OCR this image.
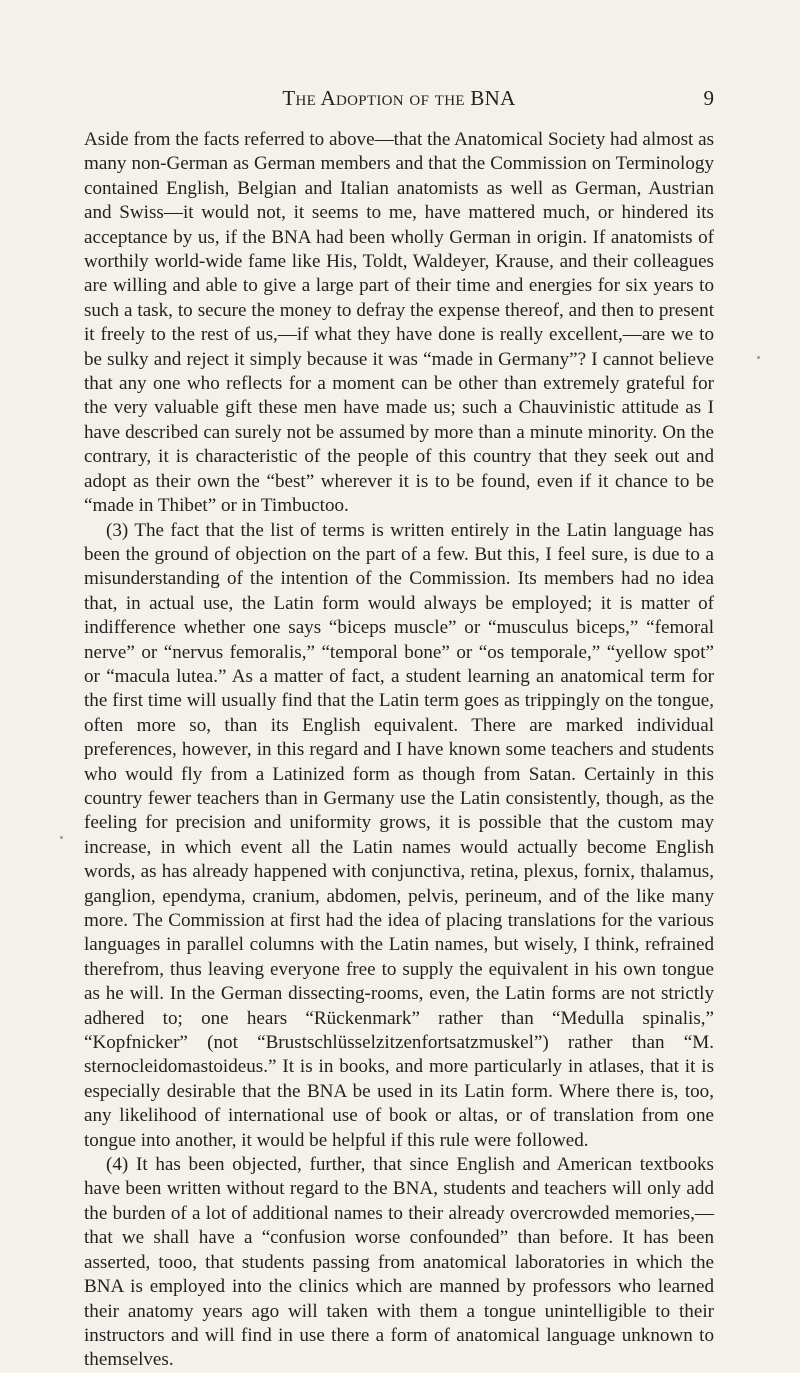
The Adoption of the BNA	9

Aside from the facts referred to above—that the Anatomical Society had almost as many non-German as German members and that the Commission on Terminology contained English, Belgian and Italian anatomists as well as German, Austrian and Swiss—it would not, it seems to me, have mattered much, or hindered its acceptance by us, if the BNA had been wholly German in origin. If anatomists of worthily world-wide fame like His, Toldt, Waldeyer, Krause, and their colleagues are willing and able to give a large part of their time and energies for six years to such a task, to secure the money to defray the expense thereof, and then to present it freely to the rest of us,—if what they have done is really excellent,—are we to be sulky and reject it simply because it was “made in Germany”? I cannot believe that any one who reflects for a moment can be other than extremely grateful for the very valuable gift these men have made us; such a Chauvinistic attitude as I have described can surely not be assumed by more than a minute minority. On the contrary, it is characteristic of the people of this country that they seek out and adopt as their own the “best” wherever it is to be found, even if it chance to be “made in Thibet” or in Timbuctoo.

(3) The fact that the list of terms is written entirely in the Latin language has been the ground of objection on the part of a few. But this, I feel sure, is due to a misunderstanding of the intention of the Commission. Its members had no idea that, in actual use, the Latin form would always be employed; it is matter of indifference whether one says “biceps muscle” or “musculus biceps,” “femoral nerve” or “nervus femoralis,” “temporal bone” or “os temporale,” “yellow spot” or “macula lutea.” As a matter of fact, a student learning an anatomical term for the first time will usually find that the Latin term goes as trippingly on the tongue, often more so, than its English equivalent. There are marked individual preferences, however, in this regard and I have known some teachers and students who would fly from a Latinized form as though from Satan. Certainly in this country fewer teachers than in Germany use the Latin consistently, though, as the feeling for precision and uniformity grows, it is possible that the custom may increase, in which event all the Latin names would actually become English words, as has already happened with conjunctiva, retina, plexus, fornix, thalamus, ganglion, ependyma, cranium, abdomen, pelvis, perineum, and of the like many more. The Commission at first had the idea of placing translations for the various languages in parallel columns with the Latin names, but wisely, I think, refrained therefrom, thus leaving everyone free to supply the equivalent in his own tongue as he will. In the German dissecting-rooms, even, the Latin forms are not strictly adhered to; one hears “Rückenmark” rather than “Medulla spinalis,” “Kopfnicker” (not “Brustschlüsselzitzenfortsatzmuskel”) rather than “M. sternocleidomastoideus.” It is in books, and more particularly in atlases, that it is especially desirable that the BNA be used in its Latin form. Where there is, too, any likelihood of international use of book or altas, or of translation from one tongue into another, it would be helpful if this rule were followed.

(4) It has been objected, further, that since English and American textbooks have been written without regard to the BNA, students and teachers will only add the burden of a lot of additional names to their already overcrowded memories,—that we shall have a “confusion worse confounded” than before. It has been asserted, tooo, that students passing from anatomical laboratories in which the BNA is employed into the clinics which are manned by professors who learned their anatomy years ago will taken with them a tongue unintelligible to their instructors and will find in use there a form of anatomical language unknown to themselves.
